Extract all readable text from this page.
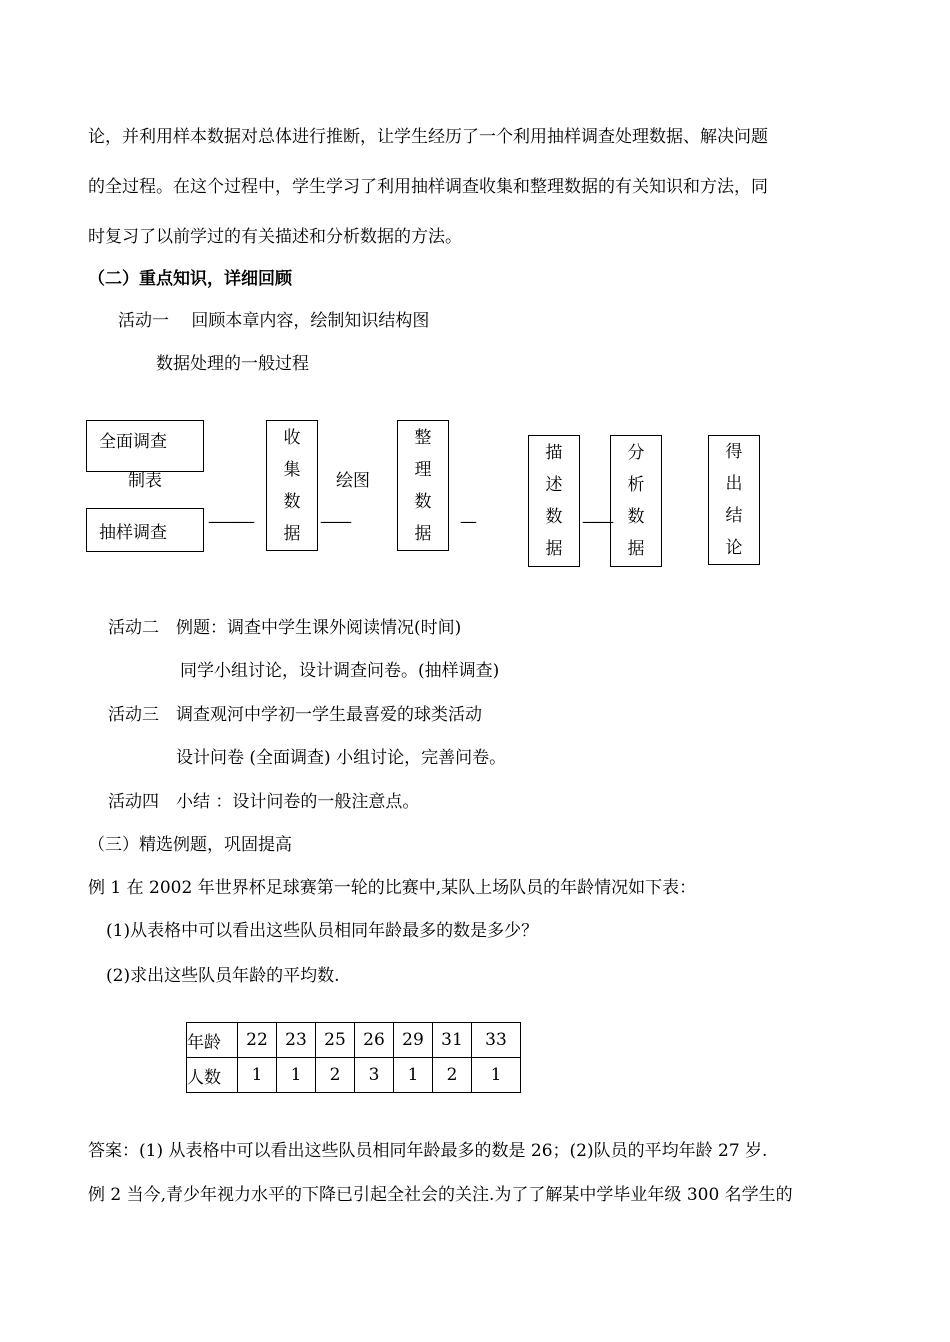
论，并利用样本数据对总体进行推断，让学生经历了一个利用抽样调查处理数据、解决问题
的全过程。在这个过程中，学生学习了利用抽样调查收集和整理数据的有关知识和方法，同
时复习了以前学过的有关描述和分析数据的方法。
（二）重点知识，详细回顾
活动一　 回顾本章内容，绘制知识结构图
数据处理的一般过程
全面调查
制表
抽样调查
———
收
集
数
据
绘图
——
整
理
数
据
—
描
述
数
据
——
分
析
数
据
得
出
结
论
活动二　例题：调查中学生课外阅读情况(时间)
同学小组讨论，设计调查问卷。(抽样调查)
活动三　调查观河中学初一学生最喜爱的球类活动
设计问卷 (全面调查) 小组讨论，完善问卷。
活动四　小结 ：设计问卷的一般注意点。
（三）精选例题，巩固提高
例 1 在 2002 年世界杯足球赛第一轮的比赛中,某队上场队员的年龄情况如下表：
(1)从表格中可以看出这些队员相同年龄最多的数是多少？
(2)求出这些队员年龄的平均数.
年龄	22	23	25	26	29	31	33
人数	1	1	2	3	1	2	1
答案：(1) 从表格中可以看出这些队员相同年龄最多的数是 26；(2)队员的平均年龄 27 岁.
例 2 当今,青少年视力水平的下降已引起全社会的关注.为了了解某中学毕业年级 300 名学生的
